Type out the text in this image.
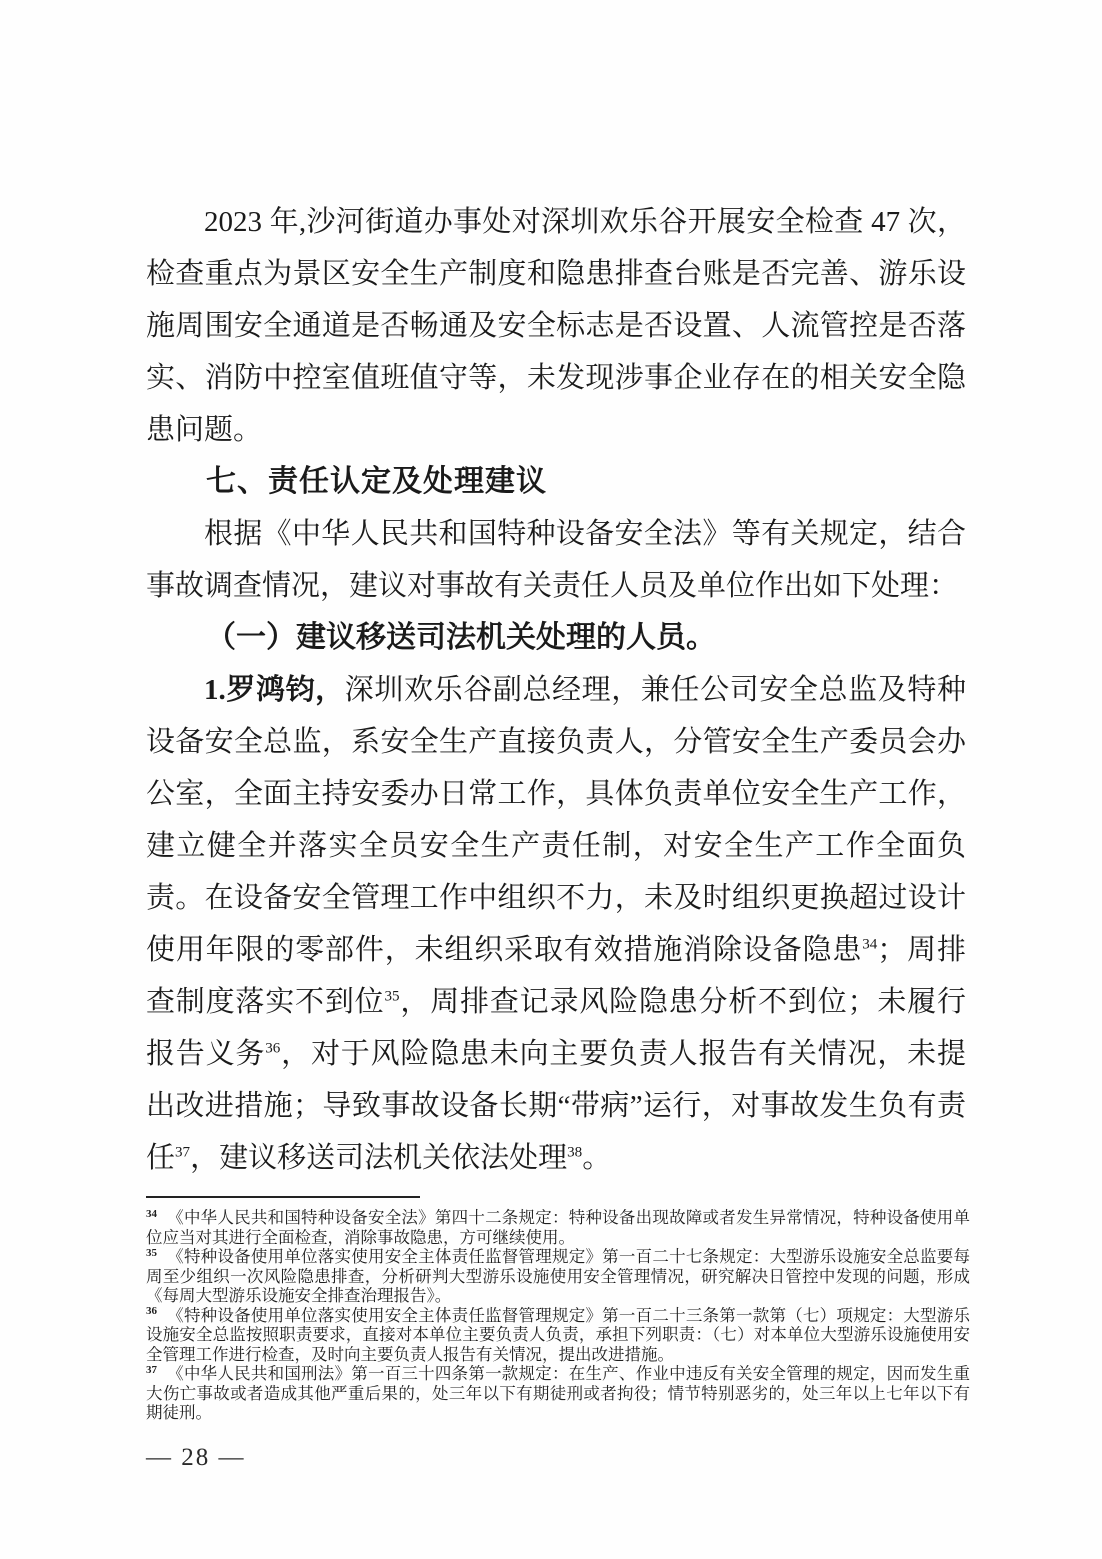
2023 年,沙河街道办事处对深圳欢乐谷开展安全检查 47 次，检查重点为景区安全生产制度和隐患排查台账是否完善、游乐设施周围安全通道是否畅通及安全标志是否设置、人流管控是否落实、消防中控室值班值守等，未发现涉事企业存在的相关安全隐患问题。

七、责任认定及处理建议

根据《中华人民共和国特种设备安全法》等有关规定，结合事故调查情况，建议对事故有关责任人员及单位作出如下处理：

（一）建议移送司法机关处理的人员。

1.罗鸿钧，深圳欢乐谷副总经理，兼任公司安全总监及特种设备安全总监，系安全生产直接负责人，分管安全生产委员会办公室，全面主持安委办日常工作，具体负责单位安全生产工作，建立健全并落实全员安全生产责任制，对安全生产工作全面负责。在设备安全管理工作中组织不力，未及时组织更换超过设计使用年限的零部件，未组织采取有效措施消除设备隐患$^{34}$；周排查制度落实不到位$^{35}$，周排查记录风险隐患分析不到位；未履行报告义务$^{36}$，对于风险隐患未向主要负责人报告有关情况，未提出改进措施；导致事故设备长期“带病”运行，对事故发生负有责任$^{37}$，建议移送司法机关依法处理$^{38}$。

$^{34}$ 《中华人民共和国特种设备安全法》第四十二条规定：特种设备出现故障或者发生异常情况，特种设备使用单位应当对其进行全面检查，消除事故隐患，方可继续使用。

$^{35}$ 《特种设备使用单位落实使用安全主体责任监督管理规定》第一百二十七条规定：大型游乐设施安全总监要每周至少组织一次风险隐患排查，分析研判大型游乐设施使用安全管理情况，研究解决日管控中发现的问题，形成《每周大型游乐设施安全排查治理报告》。

$^{36}$ 《特种设备使用单位落实使用安全主体责任监督管理规定》第一百二十三条第一款第（七）项规定：大型游乐设施安全总监按照职责要求，直接对本单位主要负责人负责，承担下列职责：（七）对本单位大型游乐设施使用安全管理工作进行检查，及时向主要负责人报告有关情况，提出改进措施。

$^{37}$ 《中华人民共和国刑法》第一百三十四条第一款规定：在生产、作业中违反有关安全管理的规定，因而发生重大伤亡事故或者造成其他严重后果的，处三年以下有期徒刑或者拘役；情节特别恶劣的，处三年以上七年以下有期徒刑。

— 28 —
